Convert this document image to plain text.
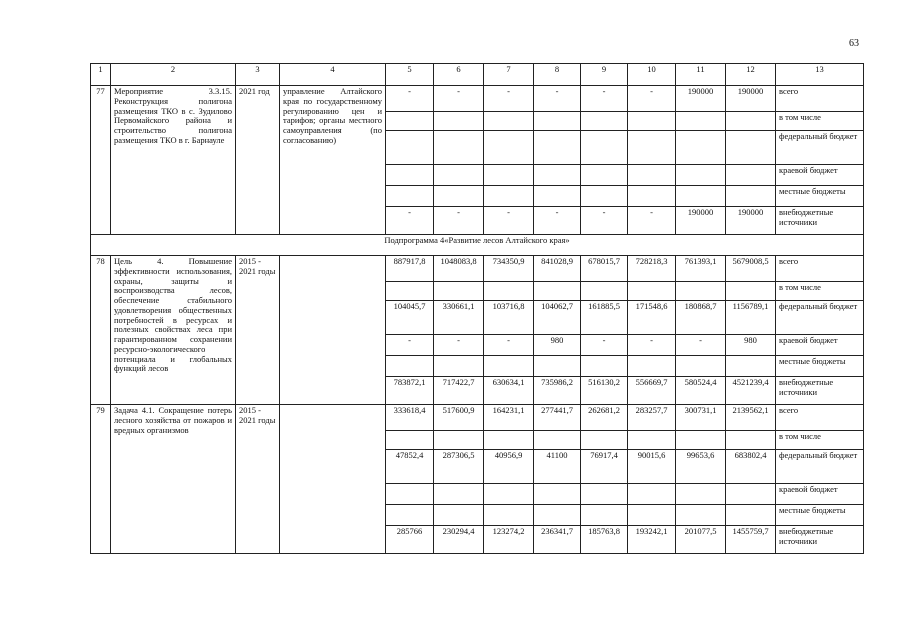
63
1	2	3	4	5	6	7	8	9	10	11	12	13
77	Мероприятие 3.3.15. Реконструкция полигона размещения ТКО в с. Зудилово Первомайского района и строительство полигона размещения ТКО в г. Барнауле	2021 год	управление Алтайского края по государственному регулированию цен и тарифов; органы местного самоуправления (по согласованию)	-	-	-	-	-	-	190000	190000	всего
												в том числе
												федеральный бюджет
												краевой бюджет
												местные бюджеты
				-	-	-	-	-	-	190000	190000	внебюджетные источники
Подпрограмма 4«Развитие лесов Алтайского края»												
78	Цель 4. Повышение эффективности использования, охраны, защиты и воспроизводства лесов, обеспечение стабильного удовлетворения общественных потребностей в ресурсах и полезных свойствах леса при гарантированном сохранении ресурсно-экологического потенциала и глобальных функций лесов	2015 - 2021 годы		887917,8	1048083,8	734350,9	841028,9	678015,7	728218,3	761393,1	5679008,5	всего
												в том числе
				104045,7	330661,1	103716,8	104062,7	161885,5	171548,6	180868,7	1156789,1	федеральный бюджет
				-	-	-	980	-	-	-	980	краевой бюджет
												местные бюджеты
				783872,1	717422,7	630634,1	735986,2	516130,2	556669,7	580524,4	4521239,4	внебюджетные источники
79	Задача 4.1. Сокращение потерь лесного хозяйства от пожаров и вредных организмов	2015 - 2021 годы		333618,4	517600,9	164231,1	277441,7	262681,2	283257,7	300731,1	2139562,1	всего
												в том числе
				47852,4	287306,5	40956,9	41100	76917,4	90015,6	99653,6	683802,4	федеральный бюджет
												краевой бюджет
												местные бюджеты
				285766	230294,4	123274,2	236341,7	185763,8	193242,1	201077,5	1455759,7	внебюджетные источники
